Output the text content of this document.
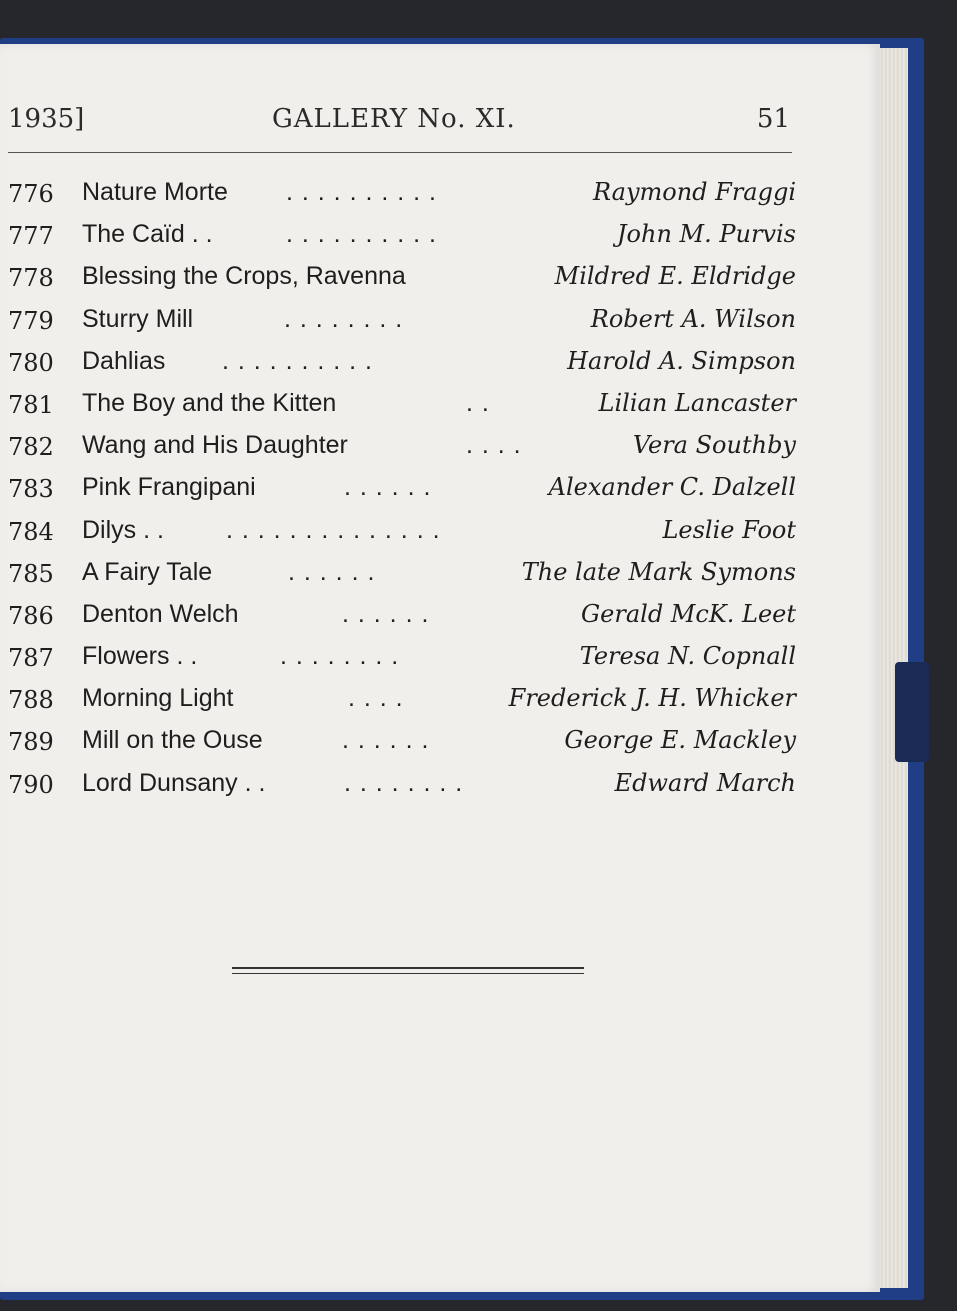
1935]	GALLERY No. XI.	51
776 Nature Morte . . . . . . . . . .	Raymond Fraggi
777 The Caïd . .	. . . . . . . . . .	John M. Purvis
778 Blessing the Crops, Ravenna	Mildred E. Eldridge
779 Sturry Mill	. . . . . . . .	Robert A. Wilson
780 Dahlias . . . . . . . . . .	Harold A. Simpson
781 The Boy and the Kitten	. .	Lilian Lancaster
782 Wang and His Daughter	. . . .	Vera Southby
783 Pink Frangipani	. . . . . .	Alexander C. Dalzell
784 Dilys . . . . . . . . . . . . . . . .	Leslie Foot
785 A Fairy Tale	. . . . . .	The late Mark Symons
786 Denton Welch	. . . . . .	Gerald McK. Leet
787 Flowers . .	. . . . . . . .	Teresa N. Copnall
788 Morning Light	. . . .	Frederick J. H. Whicker
789 Mill on the Ouse	. . . . . .	George E. Mackley
790 Lord Dunsany . .	. . . . . . . .	Edward March
